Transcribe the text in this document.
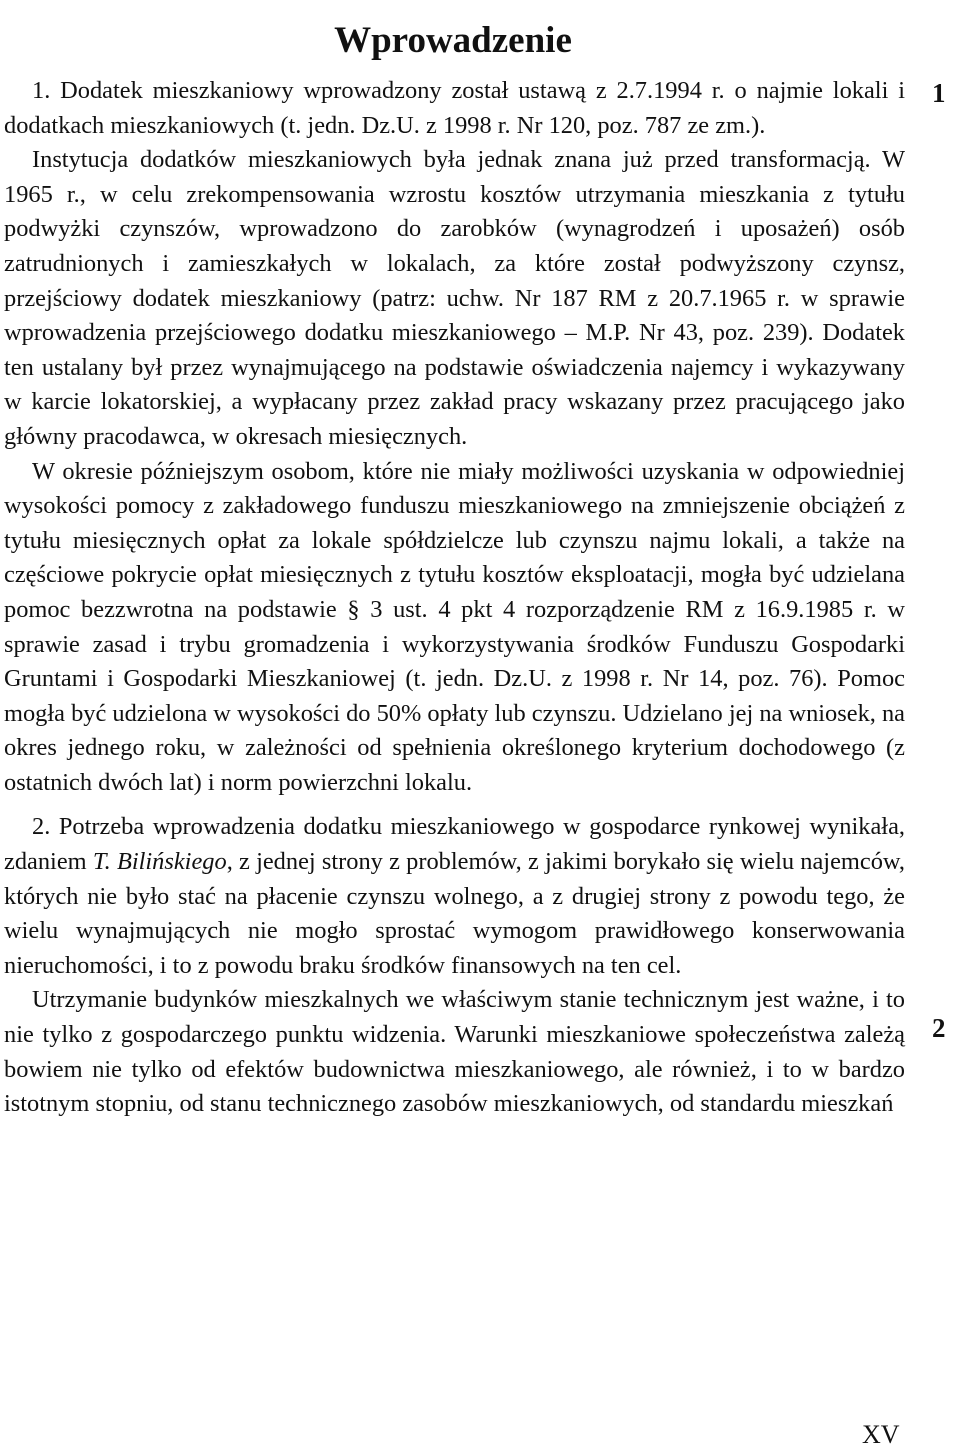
Wprowadzenie
1
2

1. Dodatek mieszkaniowy wprowadzony został ustawą z 2.7.1994 r. o najmie lokali i dodatkach mieszkaniowych (t. jedn. Dz.U. z 1998 r. Nr 120, poz. 787 ze zm.).

Instytucja dodatków mieszkaniowych była jednak znana już przed transformacją. W 1965 r., w celu zrekompensowania wzrostu kosztów utrzymania mieszkania z tytułu podwyżki czynszów, wprowadzono do zarobków (wynagrodzeń i uposażeń) osób zatrudnionych i zamieszkałych w lokalach, za które został podwyższony czynsz, przejściowy dodatek mieszkaniowy (patrz: uchw. Nr 187 RM z 20.7.1965 r. w sprawie wprowadzenia przejściowego dodatku mieszkaniowego – M.P. Nr 43, poz. 239). Dodatek ten ustalany był przez wynajmującego na podstawie oświadczenia najemcy i wykazywany w karcie lokatorskiej, a wypłacany przez zakład pracy wskazany przez pracującego jako główny pracodawca, w okresach miesięcznych.

W okresie późniejszym osobom, które nie miały możliwości uzyskania w odpowiedniej wysokości pomocy z zakładowego funduszu mieszkaniowego na zmniejszenie obciążeń z tytułu miesięcznych opłat za lokale spółdzielcze lub czynszu najmu lokali, a także na częściowe pokrycie opłat miesięcznych z tytułu kosztów eksploatacji, mogła być udzielana pomoc bezzwrotna na podstawie § 3 ust. 4 pkt 4 rozporządzenie RM z 16.9.1985 r. w sprawie zasad i trybu gromadzenia i wykorzystywania środków Funduszu Gospodarki Gruntami i Gospodarki Mieszkaniowej (t. jedn. Dz.U. z 1998 r. Nr 14, poz. 76). Pomoc mogła być udzielona w wysokości do 50% opłaty lub czynszu. Udzielano jej na wniosek, na okres jednego roku, w zależności od spełnienia określonego kryterium dochodowego (z ostatnich dwóch lat) i norm powierzchni lokalu.

2. Potrzeba wprowadzenia dodatku mieszkaniowego w gospodarce rynkowej wynikała, zdaniem T. Bilińskiego, z jednej strony z problemów, z jakimi borykało się wielu najemców, których nie było stać na płacenie czynszu wolnego, a z drugiej strony z powodu tego, że wielu wynajmujących nie mogło sprostać wymogom prawidłowego konserwowania nieruchomości, i to z powodu braku środków finansowych na ten cel.

Utrzymanie budynków mieszkalnych we właściwym stanie technicznym jest ważne, i to nie tylko z gospodarczego punktu widzenia. Warunki mieszkaniowe społeczeństwa zależą bowiem nie tylko od efektów budownictwa mieszkaniowego, ale również, i to w bardzo istotnym stopniu, od stanu technicznego zasobów mieszkaniowych, od standardu mieszkań

XV
